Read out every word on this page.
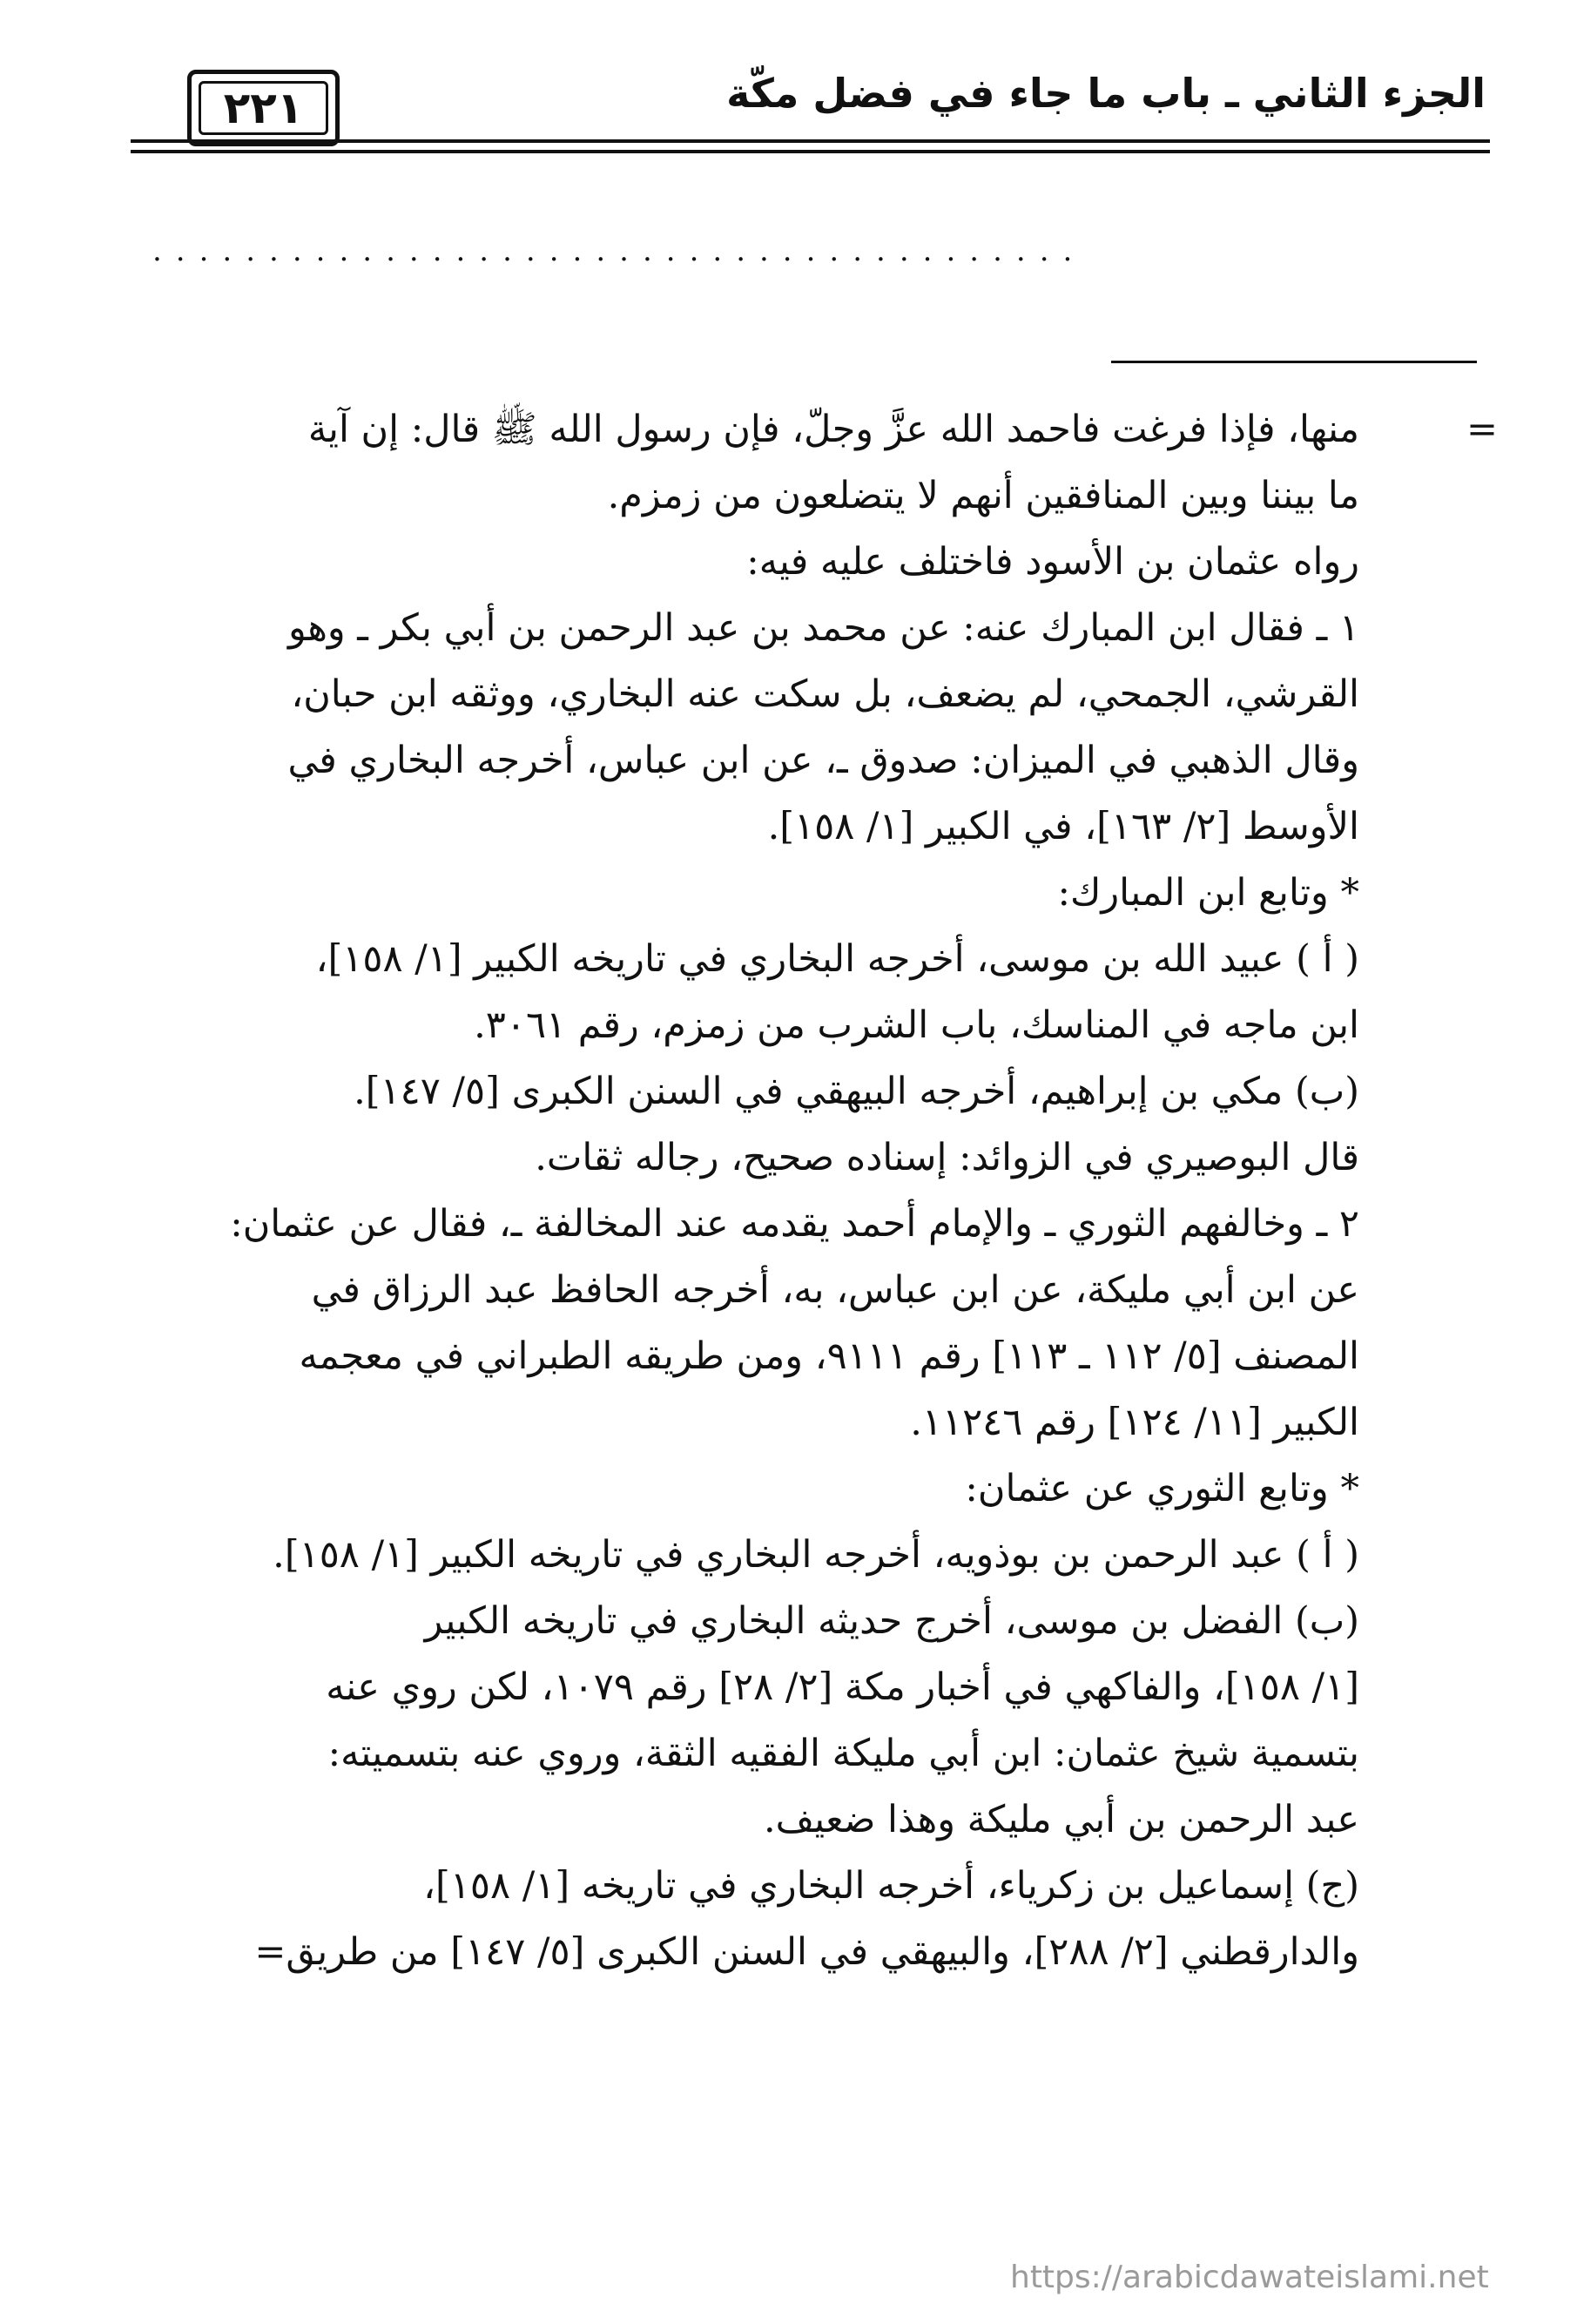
الجزء الثاني ـ باب ما جاء في فضل مكّة
٢٢١
........................................
=
منها، فإذا فرغت فاحمد الله عزَّ وجلّ، فإن رسول الله ﷺ قال: إن آية
ما بيننا وبين المنافقين أنهم لا يتضلعون من زمزم.
رواه عثمان بن الأسود فاختلف عليه فيه:
١ ـ فقال ابن المبارك عنه: عن محمد بن عبد الرحمن بن أبي بكر ـ وهو
القرشي، الجمحي، لم يضعف، بل سكت عنه البخاري، ووثقه ابن حبان،
وقال الذهبي في الميزان: صدوق ـ، عن ابن عباس، أخرجه البخاري في
الأوسط [٢/ ١٦٣]، في الكبير [١/ ١٥٨].
* وتابع ابن المبارك:
( أ ) عبيد الله بن موسى، أخرجه البخاري في تاريخه الكبير [١/ ١٥٨]،
ابن ماجه في المناسك، باب الشرب من زمزم، رقم ٣٠٦١.
(ب) مكي بن إبراهيم، أخرجه البيهقي في السنن الكبرى [٥/ ١٤٧].
قال البوصيري في الزوائد: إسناده صحيح، رجاله ثقات.
٢ ـ وخالفهم الثوري ـ والإمام أحمد يقدمه عند المخالفة ـ، فقال عن عثمان:
عن ابن أبي مليكة، عن ابن عباس، به، أخرجه الحافظ عبد الرزاق في
المصنف [٥/ ١١٢ ـ ١١٣] رقم ٩١١١، ومن طريقه الطبراني في معجمه
الكبير [١١/ ١٢٤] رقم ١١٢٤٦.
* وتابع الثوري عن عثمان:
( أ ) عبد الرحمن بن بوذويه، أخرجه البخاري في تاريخه الكبير [١/ ١٥٨].
(ب) الفضل بن موسى، أخرج حديثه البخاري في تاريخه الكبير
[١/ ١٥٨]، والفاكهي في أخبار مكة [٢/ ٢٨] رقم ١٠٧٩، لكن روي عنه
بتسمية شيخ عثمان: ابن أبي مليكة الفقيه الثقة، وروي عنه بتسميته:
عبد الرحمن بن أبي مليكة وهذا ضعيف.
(ج) إسماعيل بن زكرياء، أخرجه البخاري في تاريخه [١/ ١٥٨]،
والدارقطني [٢/ ٢٨٨]، والبيهقي في السنن الكبرى [٥/ ١٤٧] من طريق=
https://arabicdawateislami.net
